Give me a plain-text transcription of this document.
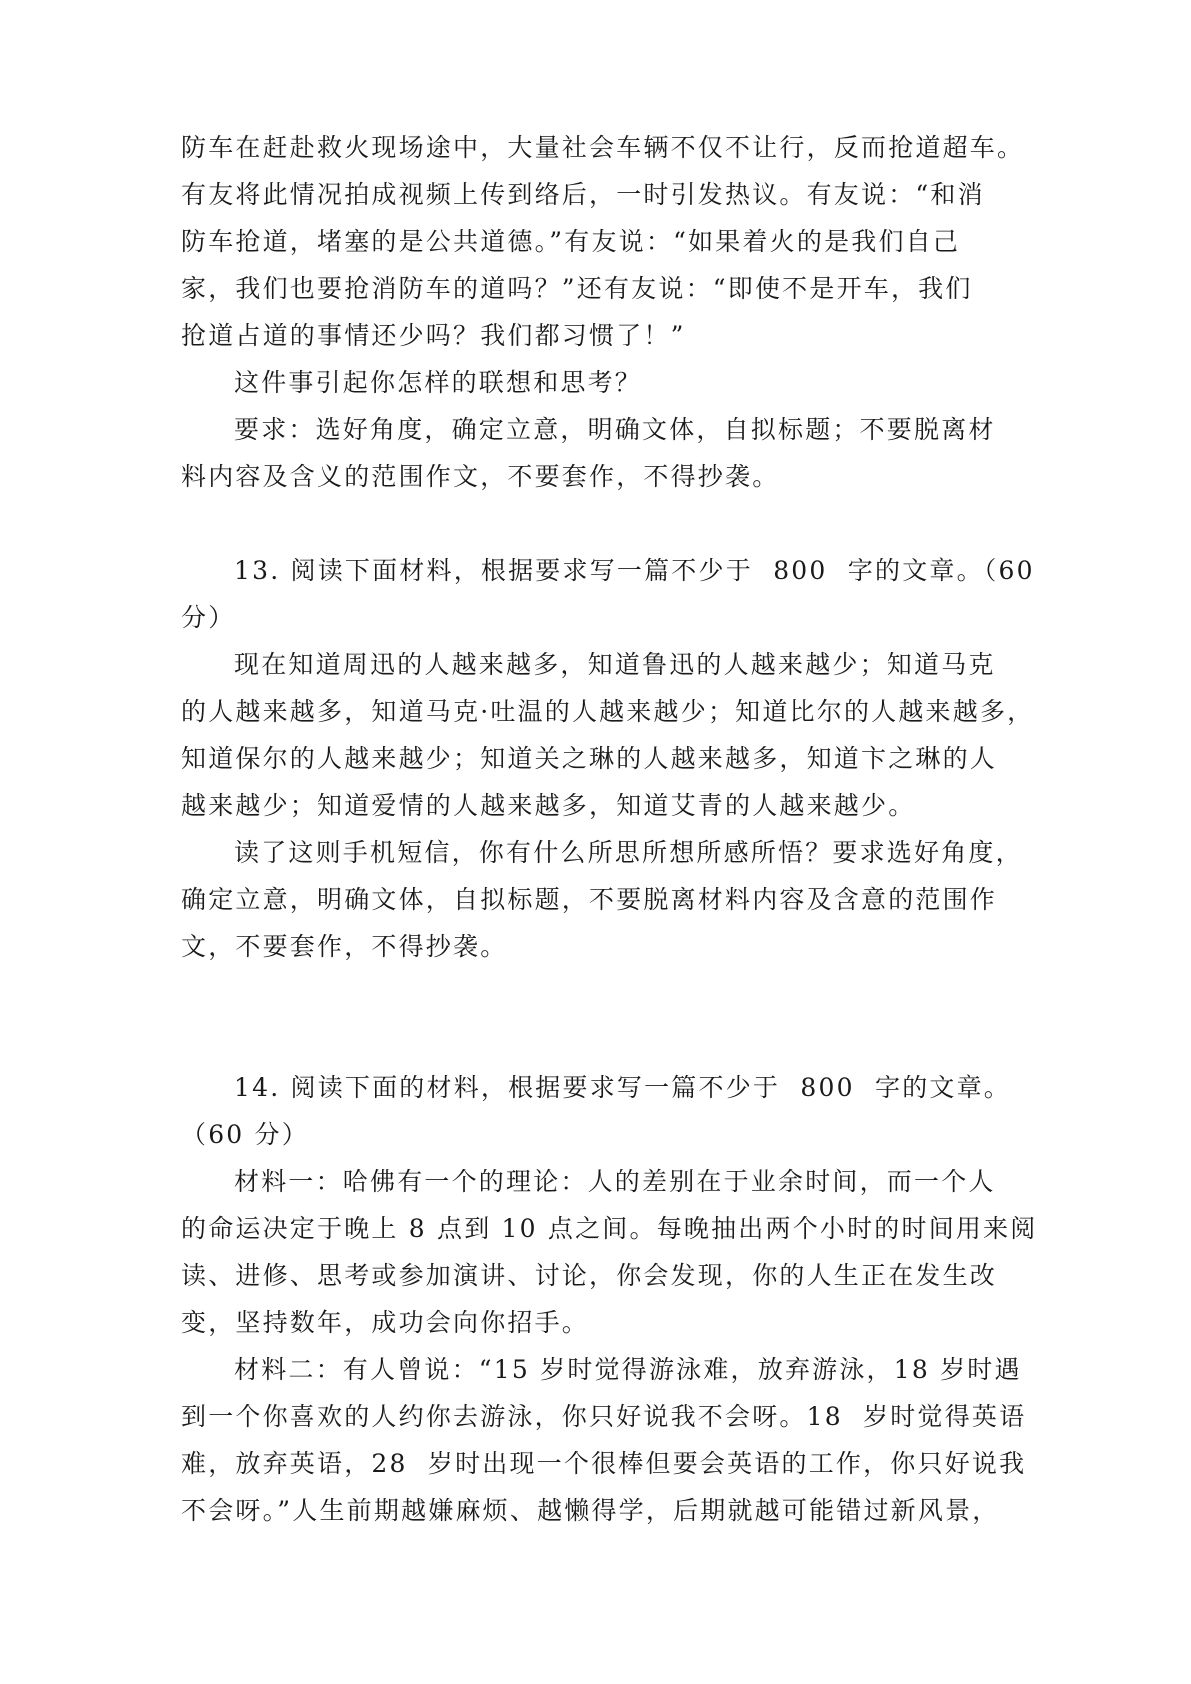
防车在赶赴救火现场途中，大量社会车辆不仅不让行，反而抢道超车。
有友将此情况拍成视频上传到络后，一时引发热议。有友说：“和消
防车抢道，堵塞的是公共道德。”有友说：“如果着火的是我们自己
家，我们也要抢消防车的道吗？”还有友说：“即使不是开车，我们
抢道占道的事情还少吗？我们都习惯了！”
这件事引起你怎样的联想和思考？
要求：选好角度，确定立意，明确文体，自拟标题；不要脱离材
料内容及含义的范围作文，不要套作，不得抄袭。
13. 阅读下面材料，根据要求写一篇不少于  800  字的文章。（60
分）
现在知道周迅的人越来越多，知道鲁迅的人越来越少；知道马克
的人越来越多，知道马克·吐温的人越来越少；知道比尔的人越来越多，
知道保尔的人越来越少；知道关之琳的人越来越多，知道卞之琳的人
越来越少；知道爱情的人越来越多，知道艾青的人越来越少。
读了这则手机短信，你有什么所思所想所感所悟？要求选好角度，
确定立意，明确文体，自拟标题，不要脱离材料内容及含意的范围作
文，不要套作，不得抄袭。
14. 阅读下面的材料，根据要求写一篇不少于  800  字的文章。
（60 分）
材料一：哈佛有一个的理论：人的差别在于业余时间，而一个人
的命运决定于晚上 8 点到 10 点之间。每晚抽出两个小时的时间用来阅
读、进修、思考或参加演讲、讨论，你会发现，你的人生正在发生改
变，坚持数年，成功会向你招手。
材料二：有人曾说：“15 岁时觉得游泳难，放弃游泳，18 岁时遇
到一个你喜欢的人约你去游泳，你只好说我不会呀。18  岁时觉得英语
难，放弃英语，28  岁时出现一个很棒但要会英语的工作，你只好说我
不会呀。”人生前期越嫌麻烦、越懒得学，后期就越可能错过新风景，
